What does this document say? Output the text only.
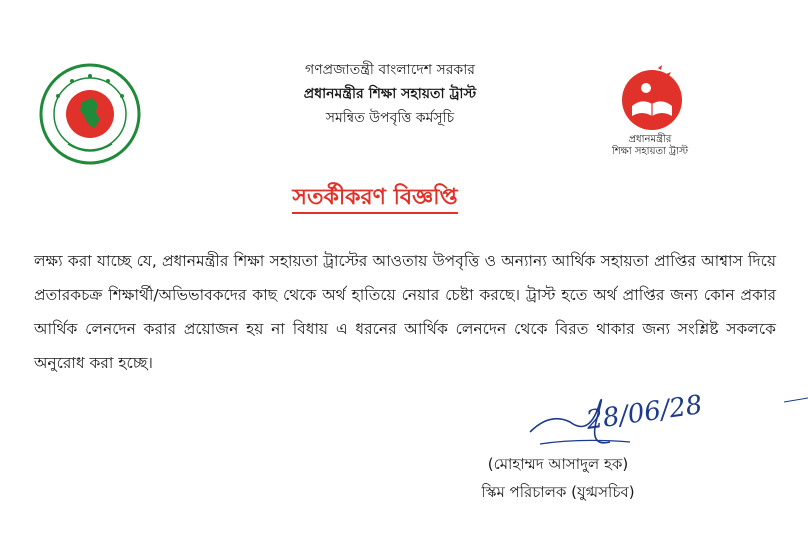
গণপ্রজাতন্ত্রী বাংলাদেশ সরকার
প্রধানমন্ত্রীর শিক্ষা সহায়তা ট্রাস্ট
সমন্বিত উপবৃত্তি কর্মসূচি
প্রধানমন্ত্রীর
শিক্ষা সহায়তা ট্রাস্ট
সতর্কীকরণ বিজ্ঞপ্তি
লক্ষ্য করা যাচ্ছে যে, প্রধানমন্ত্রীর শিক্ষা সহায়তা ট্রাস্টের আওতায় উপবৃত্তি ও অন্যান্য আর্থিক সহায়তা প্রাপ্তির আশ্বাস দিয়ে প্রতারকচক্র শিক্ষার্থী/অভিভাবকদের কাছ থেকে অর্থ হাতিয়ে নেয়ার চেষ্টা করছে। ট্রাস্ট হতে অর্থ প্রাপ্তির জন্য কোন প্রকার আর্থিক লেনদেন করার প্রয়োজন হয় না বিধায় এ ধরনের আর্থিক লেনদেন থেকে বিরত থাকার জন্য সংশ্লিষ্ট সকলকে অনুরোধ করা হচ্ছে।
28/06/28
(মোহাম্মদ আসাদুল হক)
স্কিম পরিচালক (যুগ্মসচিব)
